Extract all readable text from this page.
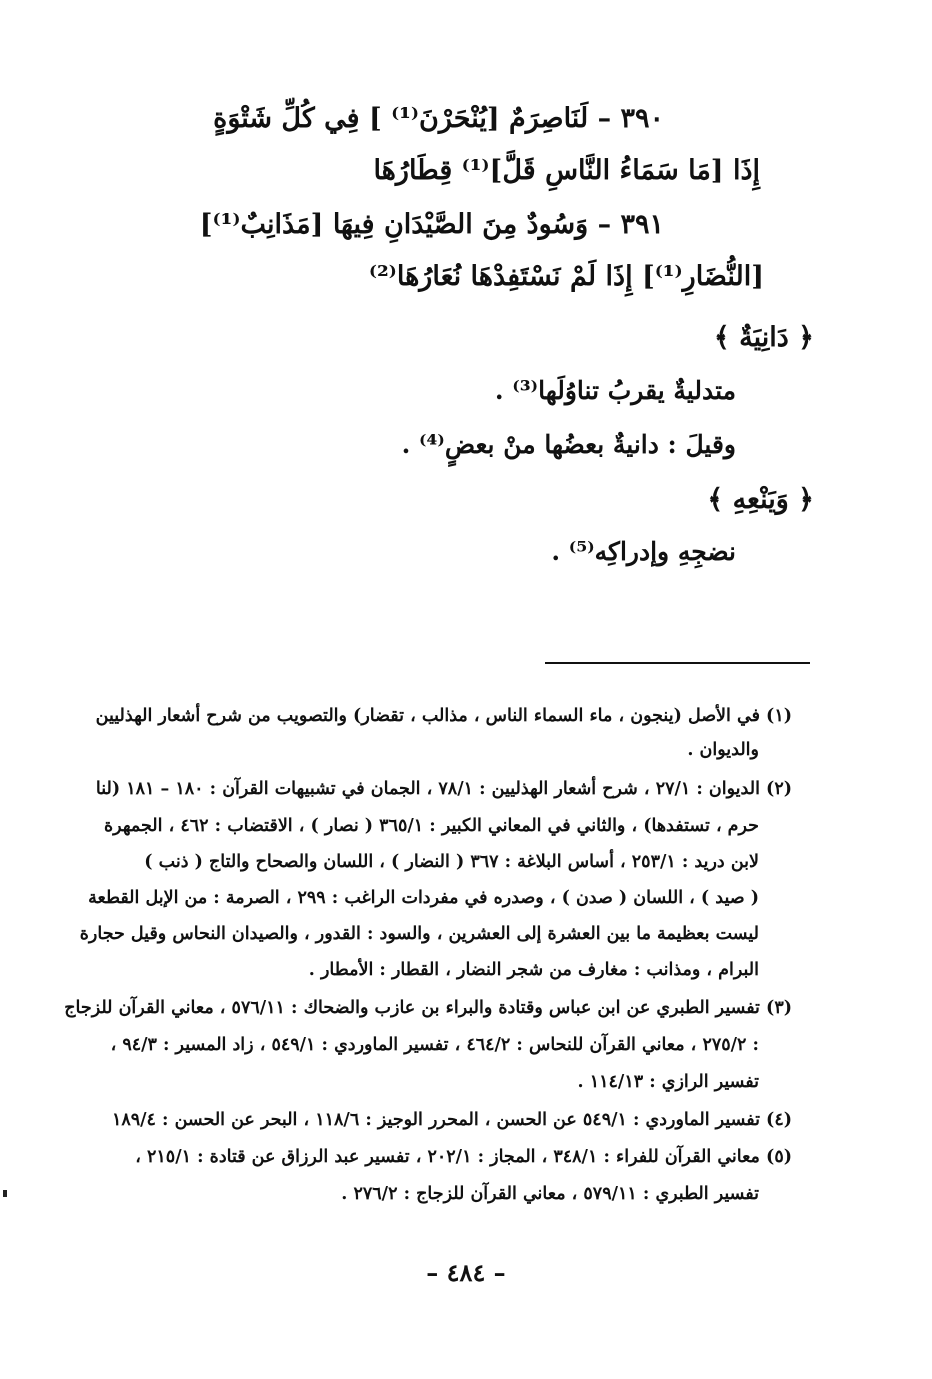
٣٩٠ – لَنَاصِرَمٌ [يُنْحَرْنَ⁽¹⁾ ] فِي كُلِّ شَتْوَةٍ
إِذَا [مَا سَمَاءُ النَّاسِ قَلَّ]⁽¹⁾ قِطَارُهَا
٣٩١ – وَسُودٌ مِنَ الصَّيْدَانِ فِيهَا [مَذَانِبٌ⁽¹⁾]
[النُّضَارِ⁽¹⁾] إِذَا لَمْ نَسْتَفِدْهَا نُعَارُهَا⁽²⁾
﴿ دَانِيَةٌ ﴾
متدليةٌ يقربُ تناوُلَها⁽³⁾ .
وقيلَ : دانيةٌ بعضُها منْ بعضٍ⁽⁴⁾ .
﴿ وَيَنْعِهِ ﴾
نضجِهِ وإدراكِه⁽⁵⁾ .
(١) في الأصل (ينجون ، ماء السماء الناس ، مذالب ، تقضار) والتصويب من شرح أشعار الهذليين
والديوان .
(٢) الديوان : ٢٧/١ ، شرح أشعار الهذليين : ٧٨/١ ، الجمان في تشبيهات القرآن : ١٨٠ – ١٨١ (لنا
حرم ، تستفدها) ، والثاني في المعاني الكبير : ٣٦٥/١ ( نصار ) ، الاقتضاب : ٤٦٢ ، الجمهرة
لابن دريد : ٢٥٣/١ ، أساس البلاغة : ٣٦٧ ( النضار ) ، اللسان والصحاح والتاج ( ذنب )
( صيد ) ، اللسان ( صدن ) ، وصدره في مفردات الراغب : ٢٩٩ ، الصرمة : من الإبل القطعة
ليست بعظيمة ما بين العشرة إلى العشرين ، والسود : القدور ، والصيدان النحاس وقيل حجارة
البرام ، ومذانب : مغارف من شجر النضار ، القطار : الأمطار .
(٣) تفسير الطبري عن ابن عباس وقتادة والبراء بن عازب والضحاك : ٥٧٦/١١ ، معاني القرآن للزجاج
: ٢٧٥/٢ ، معاني القرآن للنحاس : ٤٦٤/٢ ، تفسير الماوردي : ٥٤٩/١ ، زاد المسير : ٩٤/٣ ،
تفسير الرازي : ١١٤/١٣ .
(٤) تفسير الماوردي : ٥٤٩/١ عن الحسن ، المحرر الوجيز : ١١٨/٦ ، البحر عن الحسن : ١٨٩/٤
(٥) معاني القرآن للفراء : ٣٤٨/١ ، المجاز : ٢٠٢/١ ، تفسير عبد الرزاق عن قتادة : ٢١٥/١ ،
تفسير الطبري : ٥٧٩/١١ ، معاني القرآن للزجاج : ٢٧٦/٢ .
– ٤٨٤ –
